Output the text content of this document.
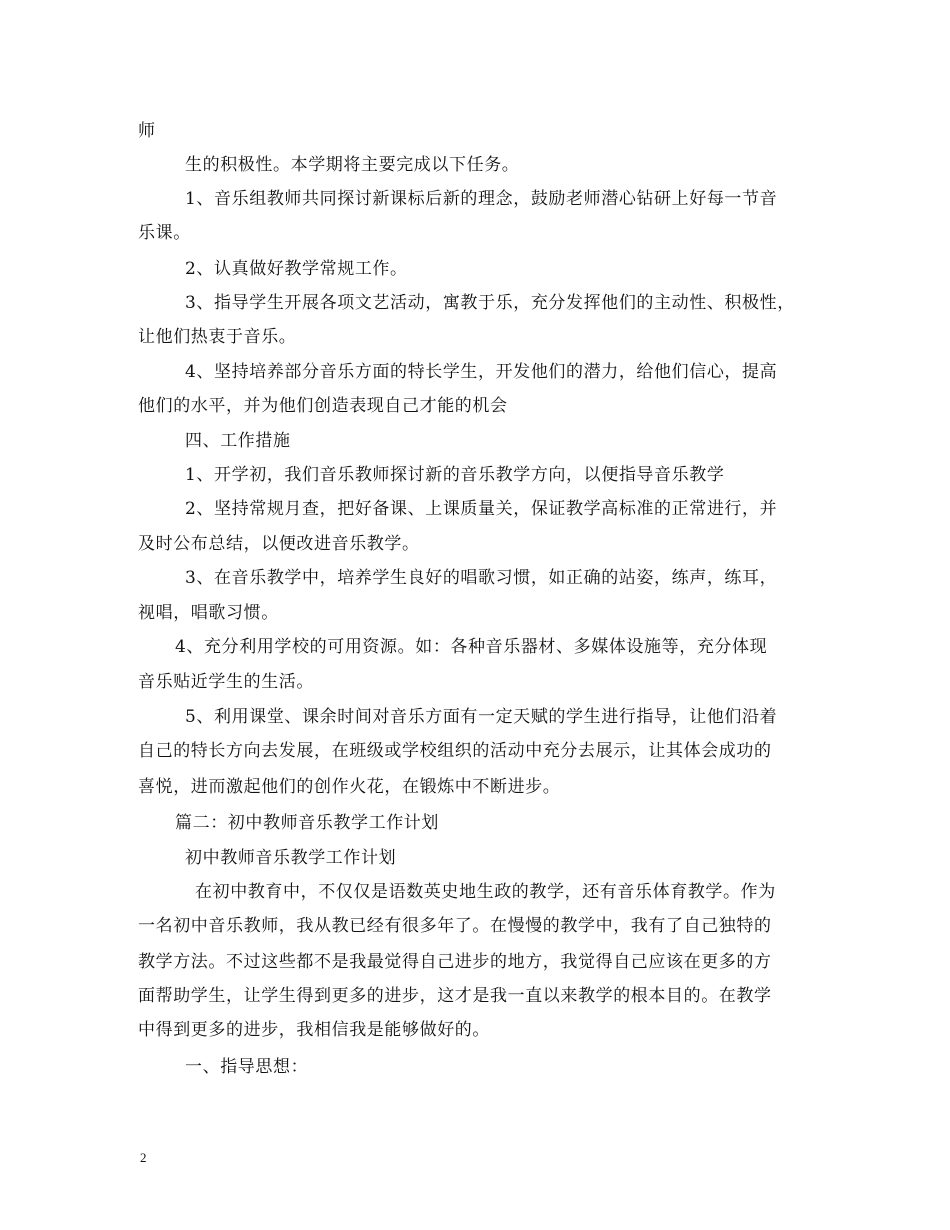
师
生的积极性。本学期将主要完成以下任务。
1、音乐组教师共同探讨新课标后新的理念，鼓励老师潜心钻研上好每一节音
乐课。
2、认真做好教学常规工作。
3、指导学生开展各项文艺活动，寓教于乐，充分发挥他们的主动性、积极性，
让他们热衷于音乐。
4、坚持培养部分音乐方面的特长学生，开发他们的潜力，给他们信心，提高
他们的水平，并为他们创造表现自己才能的机会
四、工作措施
1、开学初，我们音乐教师探讨新的音乐教学方向，以便指导音乐教学
2、坚持常规月查，把好备课、上课质量关，保证教学高标准的正常进行，并
及时公布总结，以便改进音乐教学。
3、在音乐教学中，培养学生良好的唱歌习惯，如正确的站姿，练声，练耳，
视唱，唱歌习惯。
4、充分利用学校的可用资源。如：各种音乐器材、多媒体设施等，充分体现
音乐贴近学生的生活。
5、利用课堂、课余时间对音乐方面有一定天赋的学生进行指导，让他们沿着
自己的特长方向去发展，在班级或学校组织的活动中充分去展示，让其体会成功的
喜悦，进而激起他们的创作火花，在锻炼中不断进步。
篇二：初中教师音乐教学工作计划
初中教师音乐教学工作计划
在初中教育中，不仅仅是语数英史地生政的教学，还有音乐体育教学。作为
一名初中音乐教师，我从教已经有很多年了。在慢慢的教学中，我有了自己独特的
教学方法。不过这些都不是我最觉得自己进步的地方，我觉得自己应该在更多的方
面帮助学生，让学生得到更多的进步，这才是我一直以来教学的根本目的。在教学
中得到更多的进步，我相信我是能够做好的。
一、指导思想：
2
